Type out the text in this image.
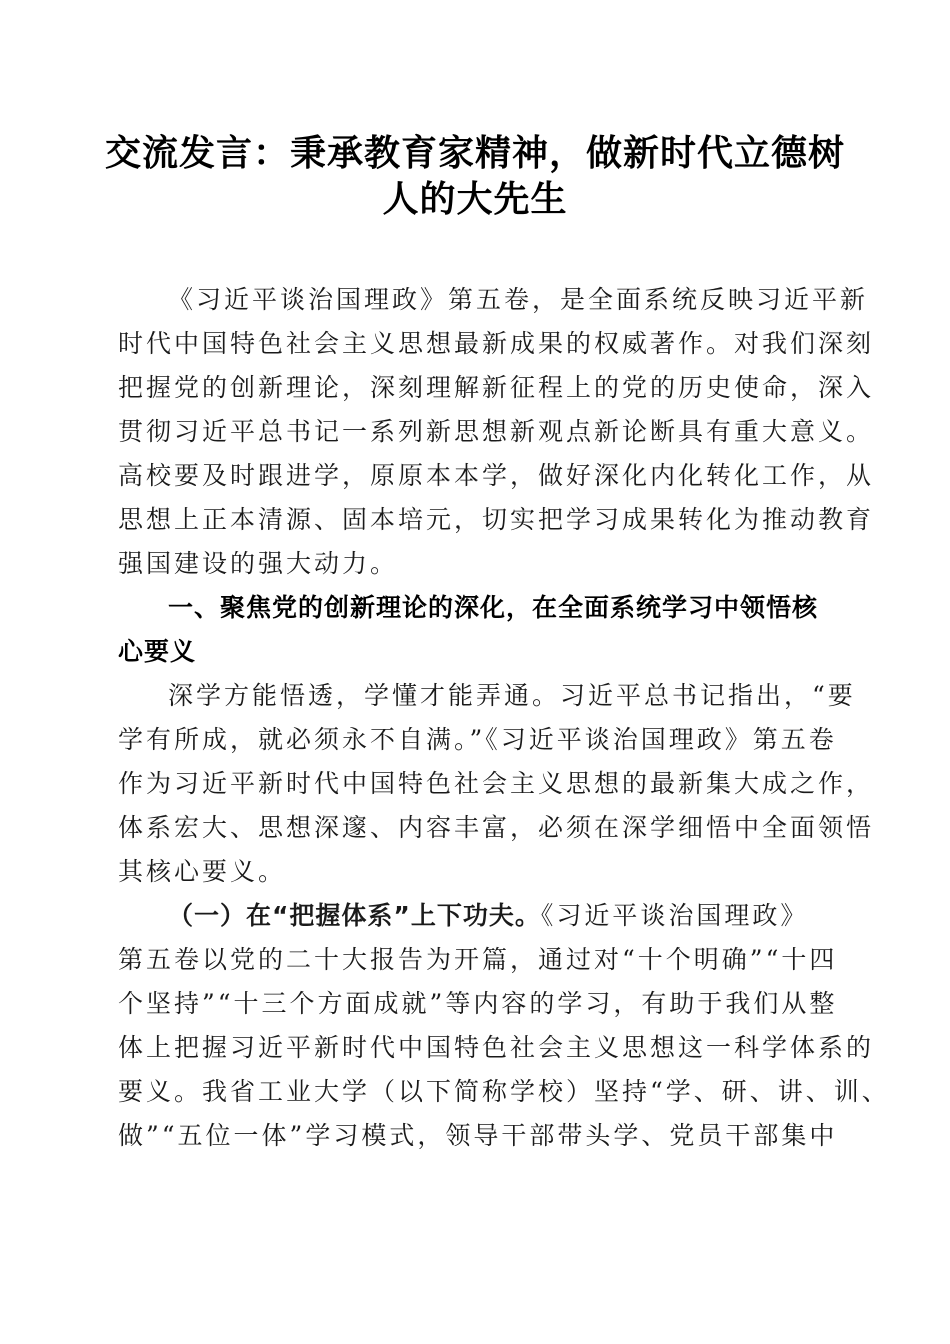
交流发言：秉承教育家精神，做新时代立德树
人的大先生
《习近平谈治国理政》第五卷，是全面系统反映习近平新
时代中国特色社会主义思想最新成果的权威著作。对我们深刻
把握党的创新理论，深刻理解新征程上的党的历史使命，深入
贯彻习近平总书记一系列新思想新观点新论断具有重大意义。
高校要及时跟进学，原原本本学，做好深化内化转化工作，从
思想上正本清源、固本培元，切实把学习成果转化为推动教育
强国建设的强大动力。

一、聚焦党的创新理论的深化，在全面系统学习中领悟核

心要义

深学方能悟透，学懂才能弄通。习近平总书记指出，“要
学有所成，就必须永不自满。”《习近平谈治国理政》第五卷
作为习近平新时代中国特色社会主义思想的最新集大成之作，
体系宏大、思想深邃、内容丰富，必须在深学细悟中全面领悟
其核心要义。
（一）在“把握体系”上下功夫。《习近平谈治国理政》
第五卷以党的二十大报告为开篇，通过对“十个明确”“十四
个坚持”“十三个方面成就”等内容的学习，有助于我们从整
体上把握习近平新时代中国特色社会主义思想这一科学体系的
要义。我省工业大学（以下简称学校）坚持“学、研、讲、训、
做”“五位一体”学习模式，领导干部带头学、党员干部集中
